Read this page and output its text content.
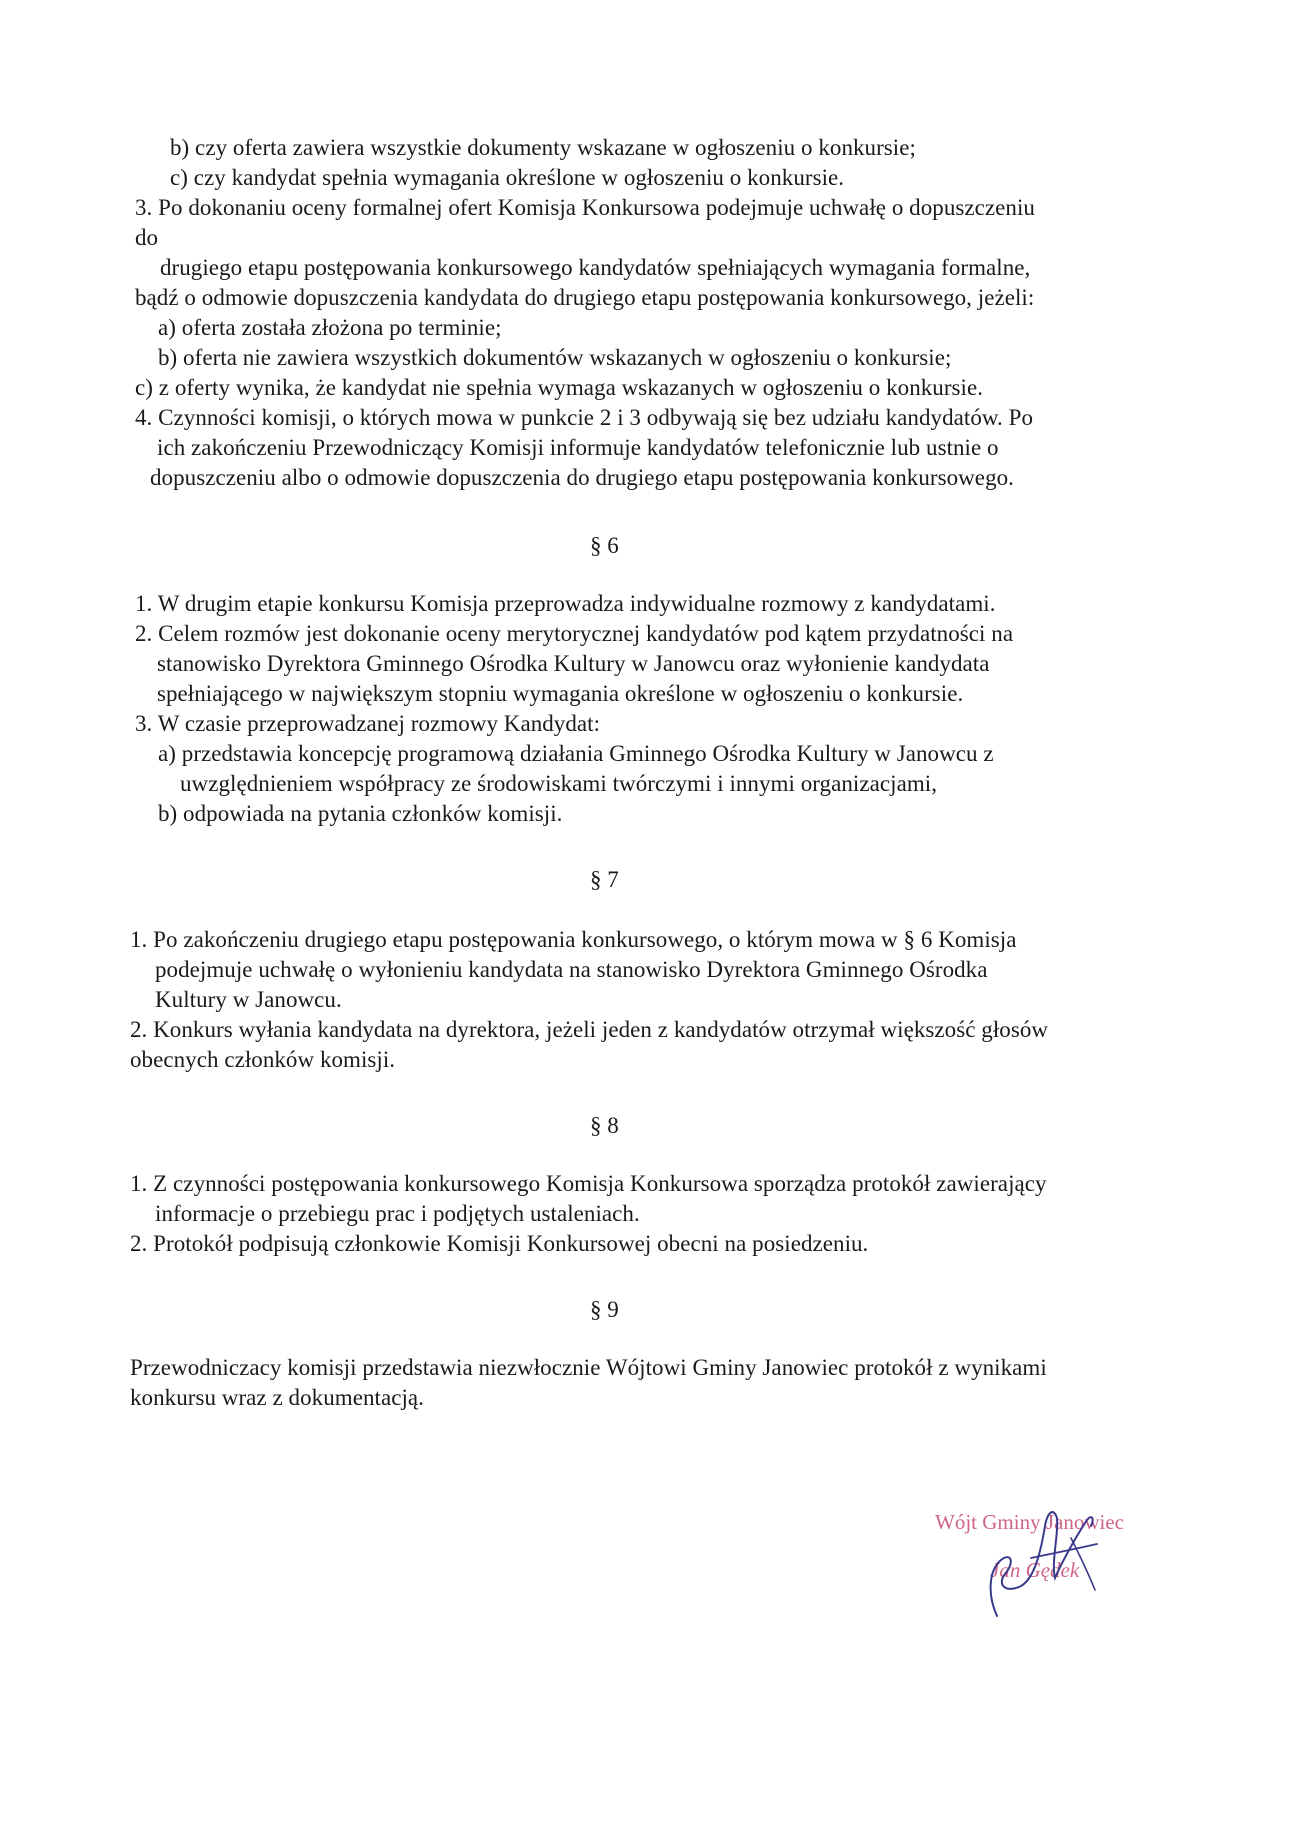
b) czy oferta zawiera wszystkie dokumenty wskazane w ogłoszeniu o konkursie;
c) czy kandydat spełnia wymagania określone w ogłoszeniu o konkursie.
3. Po dokonaniu oceny formalnej ofert Komisja Konkursowa podejmuje uchwałę o dopuszczeniu
do
drugiego etapu postępowania konkursowego kandydatów spełniających wymagania formalne,
bądź o odmowie dopuszczenia kandydata do drugiego etapu postępowania konkursowego, jeżeli:
a) oferta została złożona po terminie;
b) oferta nie zawiera wszystkich dokumentów wskazanych w ogłoszeniu o konkursie;
c) z oferty wynika, że kandydat nie spełnia wymaga wskazanych w ogłoszeniu o konkursie.
4. Czynności komisji, o których mowa w punkcie 2 i 3 odbywają się bez udziału kandydatów. Po
ich zakończeniu Przewodniczący Komisji informuje kandydatów telefonicznie lub ustnie o
dopuszczeniu albo o odmowie dopuszczenia do drugiego etapu postępowania konkursowego.
§ 6
1. W drugim etapie konkursu Komisja przeprowadza indywidualne rozmowy z kandydatami.
2. Celem rozmów jest dokonanie oceny merytorycznej kandydatów pod kątem przydatności na
stanowisko Dyrektora Gminnego Ośrodka Kultury w Janowcu oraz wyłonienie kandydata
spełniającego w największym stopniu wymagania określone w ogłoszeniu o konkursie.
3. W czasie przeprowadzanej rozmowy Kandydat:
a) przedstawia koncepcję programową działania Gminnego Ośrodka Kultury w Janowcu z
uwzględnieniem współpracy ze środowiskami twórczymi i innymi organizacjami,
b) odpowiada na pytania członków komisji.
§ 7
1. Po zakończeniu drugiego etapu postępowania konkursowego, o którym mowa w § 6 Komisja
podejmuje uchwałę o wyłonieniu kandydata na stanowisko Dyrektora Gminnego Ośrodka
Kultury w Janowcu.
2. Konkurs wyłania kandydata na dyrektora, jeżeli jeden z kandydatów otrzymał większość głosów
obecnych członków komisji.
§ 8
1. Z czynności postępowania konkursowego Komisja Konkursowa sporządza protokół zawierający
informacje o przebiegu prac i podjętych ustaleniach.
2. Protokół podpisują członkowie Komisji Konkursowej obecni na posiedzeniu.
§ 9
Przewodniczacy komisji przedstawia niezwłocznie Wójtowi Gminy Janowiec protokół z wynikami
konkursu wraz z dokumentacją.
Wójt Gminy Janowiec
Jan Gędek
